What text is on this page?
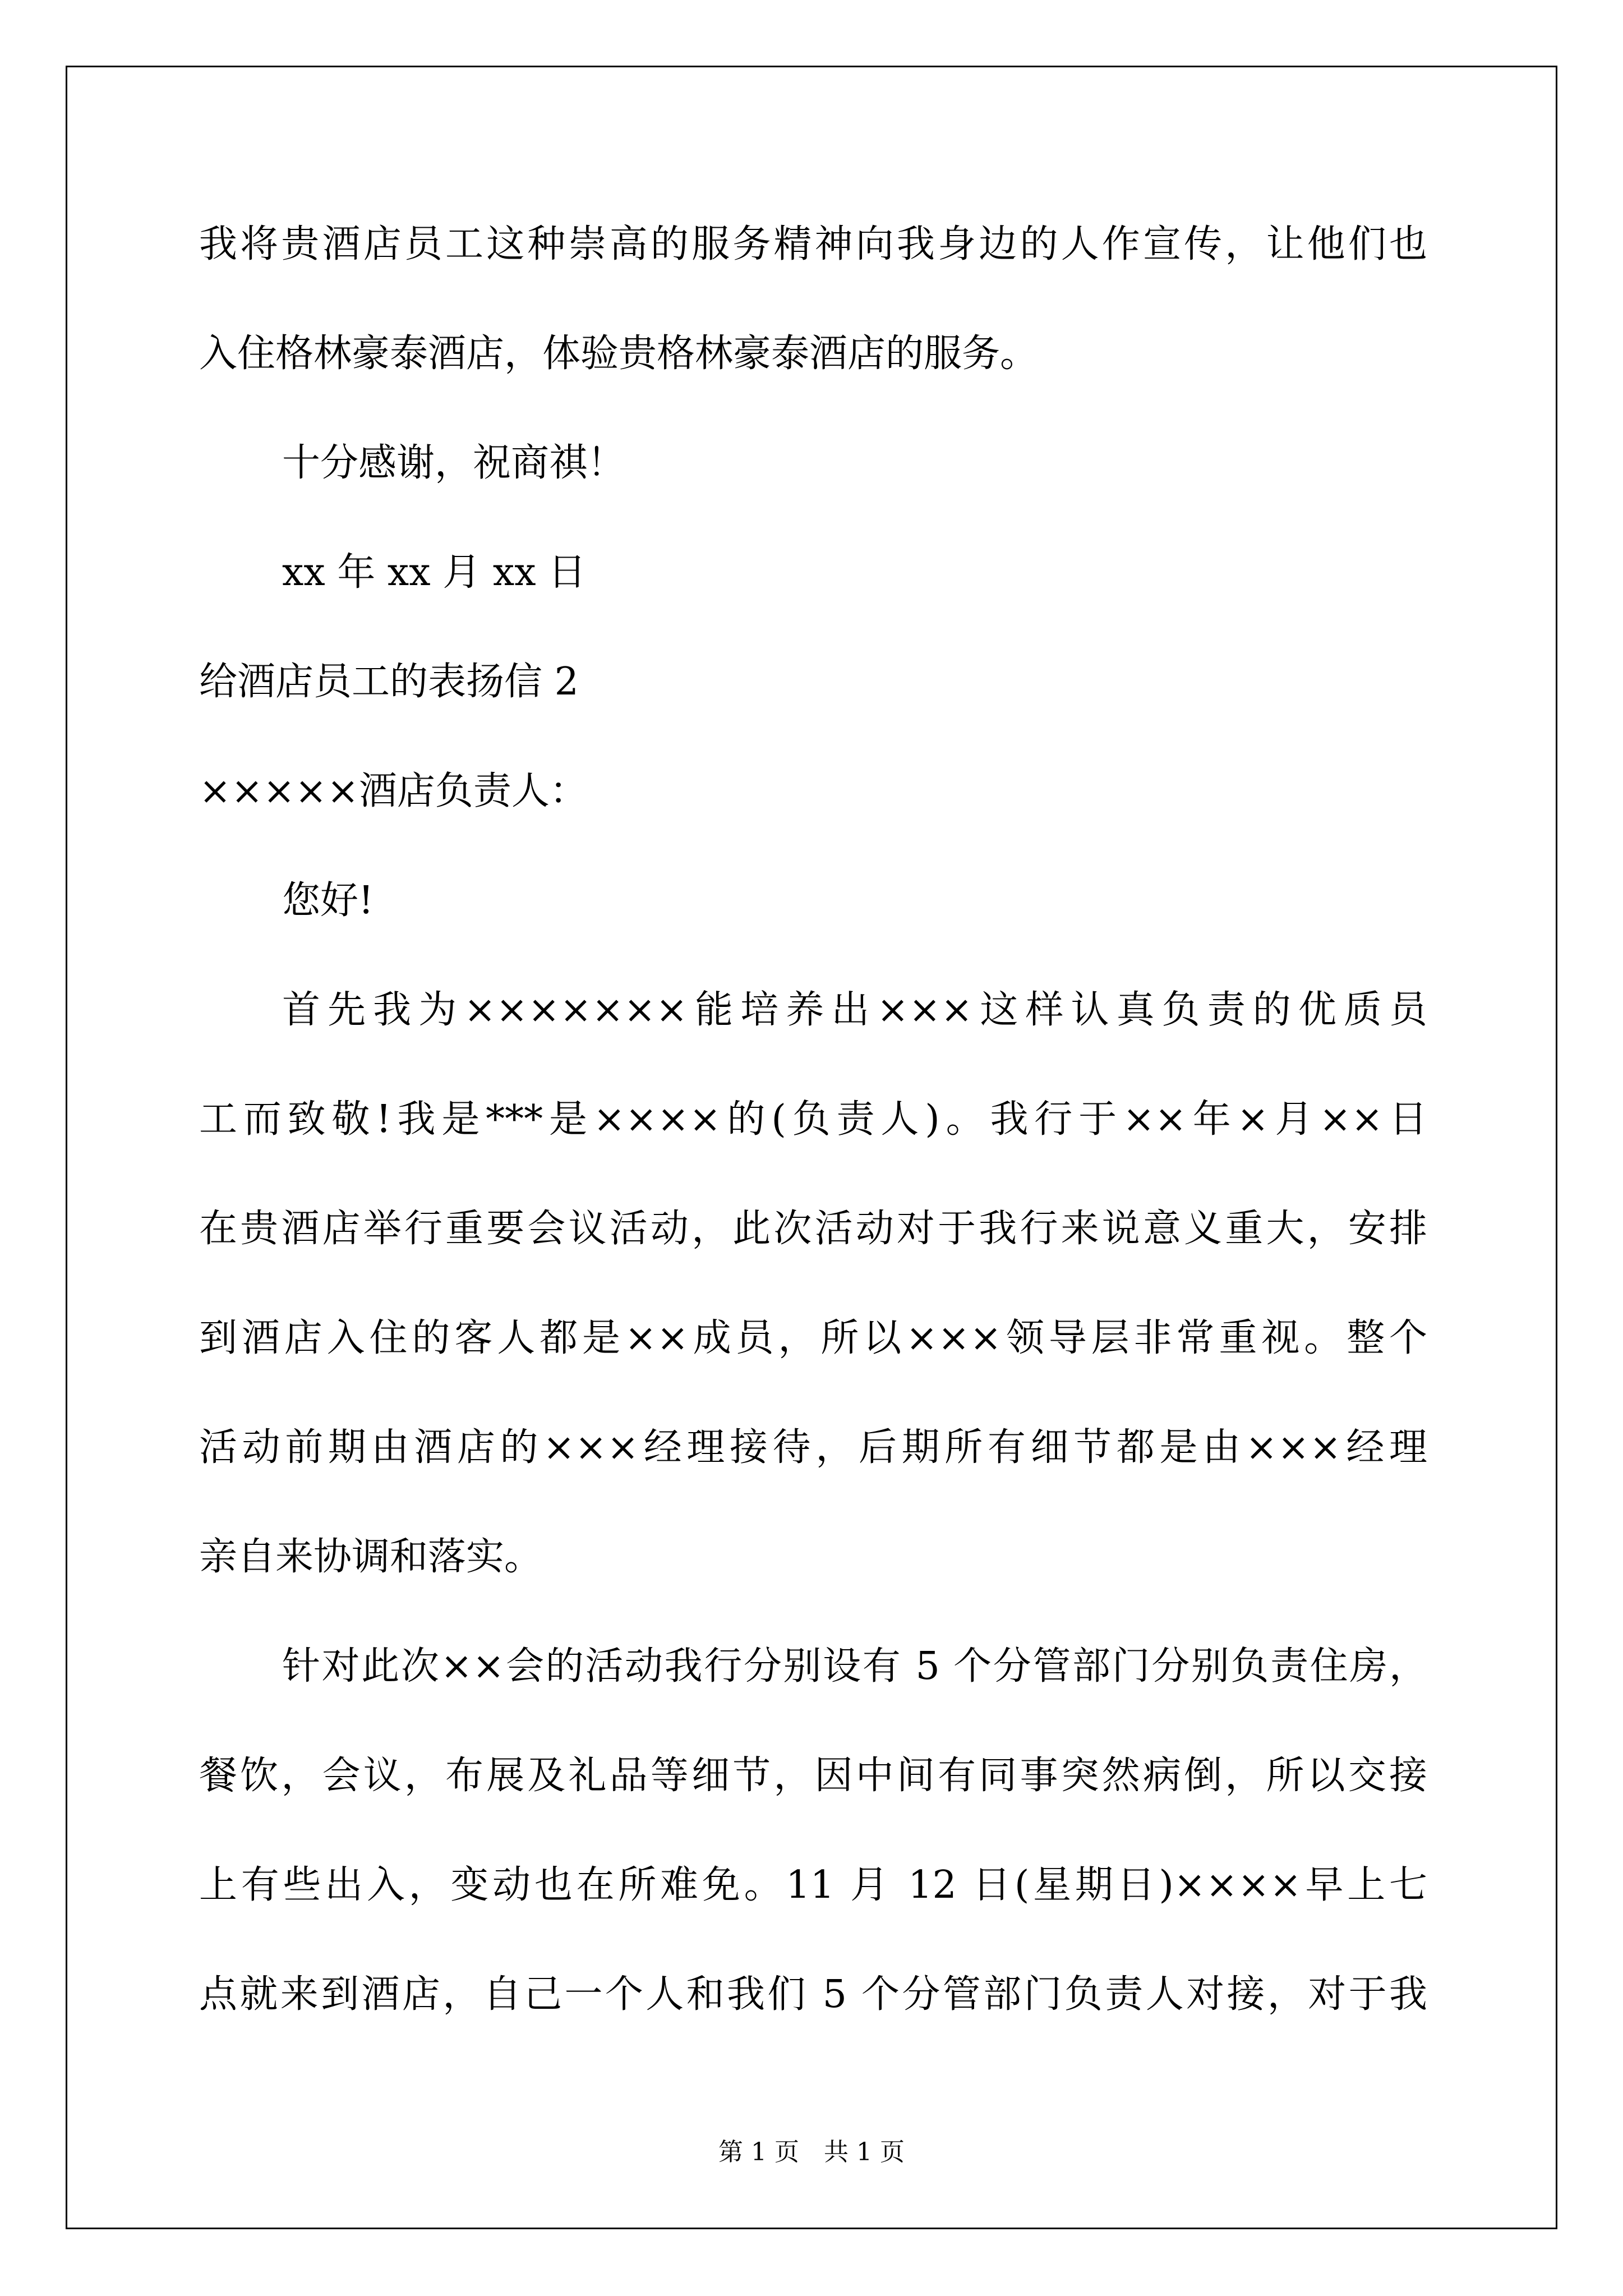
我将贵酒店员工这种崇高的服务精神向我身边的人作宣传，让他们也
入住格林豪泰酒店，体验贵格林豪泰酒店的服务。
十分感谢，祝商祺！
xx 年 xx 月 xx 日
给酒店员工的表扬信 2
×××××酒店负责人：
您好!
首先我为×××××××能培养出×××这样认真负责的优质员
工而致敬!我是***是××××的(负责人)。我行于××年×月××日
在贵酒店举行重要会议活动，此次活动对于我行来说意义重大，安排
到酒店入住的客人都是××成员，所以×××领导层非常重视。整个
活动前期由酒店的×××经理接待，后期所有细节都是由×××经理
亲自来协调和落实。
针对此次××会的活动我行分别设有 5 个分管部门分别负责住房，
餐饮，会议，布展及礼品等细节，因中间有同事突然病倒，所以交接
上有些出入，变动也在所难免。11 月 12 日(星期日)××××早上七
点就来到酒店，自己一个人和我们 5 个分管部门负责人对接，对于我
第 1 页　共 1 页
